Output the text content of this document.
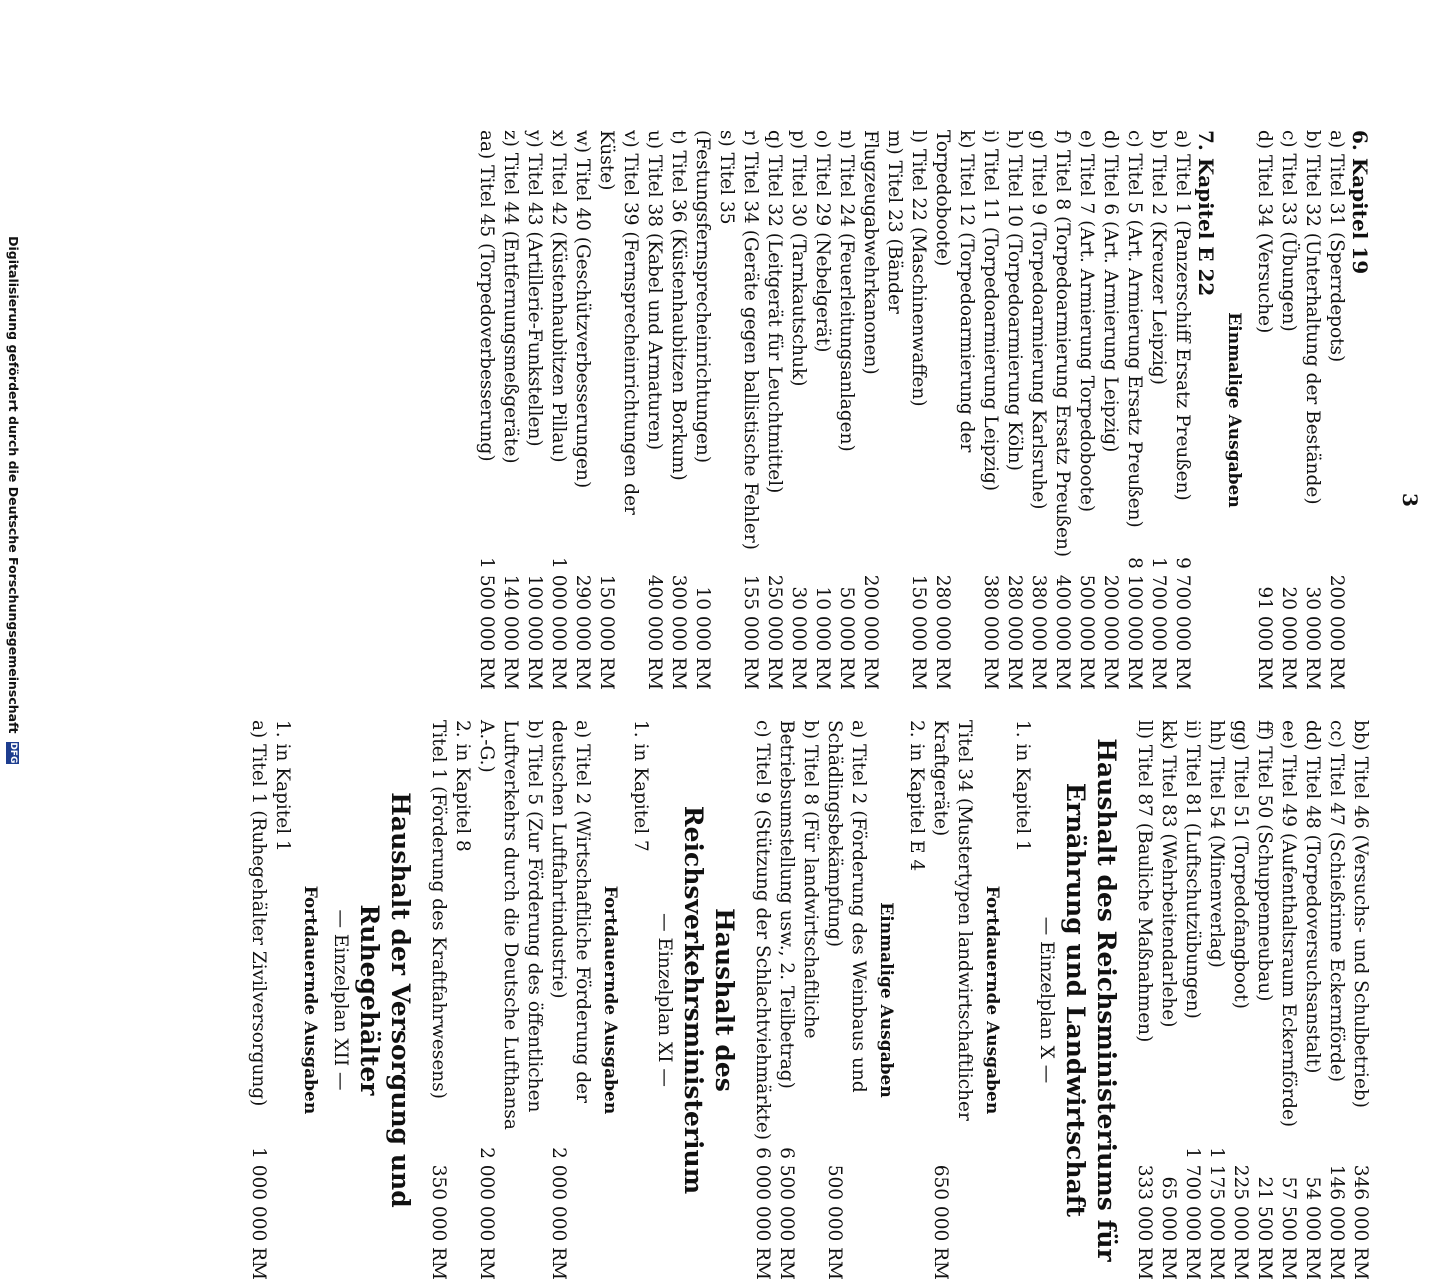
3
6. Kapitel 19
a) Titel 31 (Sperrdepots)
200 000 RM
b) Titel 32 (Unterhaltung der Bestände)
30 000 RM
c) Titel 33 (Übungen)
20 000 RM
d) Titel 34 (Versuche)
91 000 RM
Einmalige Ausgaben
7. Kapitel E 22
a) Titel 1 (Panzerschiff Ersatz Preußen)
9 700 000 RM
b) Titel 2 (Kreuzer Leipzig)
1 700 000 RM
c) Titel 5 (Art. Armierung Ersatz Preußen)
8 100 000 RM
d) Titel 6 (Art. Armierung Leipzig)
200 000 RM
e) Titel 7 (Art. Armierung Torpedoboote)
500 000 RM
f) Titel 8 (Torpedoarmierung Ersatz Preußen)
400 000 RM
g) Titel 9 (Torpedoarmierung Karlsruhe)
380 000 RM
h) Titel 10 (Torpedoarmierung Köln)
280 000 RM
i) Titel 11 (Torpedoarmierung Leipzig)
380 000 RM
k) Titel 12 (Torpedoarmierung der Torpedoboote)
280 000 RM
l) Titel 22 (Maschinenwaffen)
150 000 RM
m) Titel 23 (Bänder Flugzeugabwehrkanonen)
200 000 RM
n) Titel 24 (Feuerleitungsanlagen)
50 000 RM
o) Titel 29 (Nebelgerät)
10 000 RM
p) Titel 30 (Tarnkautschuk)
30 000 RM
q) Titel 32 (Leitgerät für Leuchtmittel)
250 000 RM
r) Titel 34 (Geräte gegen ballistische Fehler)
155 000 RM
s) Titel 35 (Festungsfernsprecheinrichtungen)
10 000 RM
t) Titel 36 (Küstenhaubitzen Borkum)
300 000 RM
u) Titel 38 (Kabel und Armaturen)
400 000 RM
v) Titel 39 (Fernsprecheinrichtungen der Küste)
150 000 RM
w) Titel 40 (Geschützverbesserungen)
290 000 RM
x) Titel 42 (Küstenhaubitzen Pillau)
1 000 000 RM
y) Titel 43 (Artillerie-Funkstellen)
100 000 RM
z) Titel 44 (Entfernungsmeßgeräte)
140 000 RM
aa) Titel 45 (Torpedoverbesserung)
1 500 000 RM
bb) Titel 46 (Versuchs- und Schulbetrieb)
346 000 RM
cc) Titel 47 (Schießrinne Eckernförde)
146 000 RM
dd) Titel 48 (Torpedoversuchsanstalt)
54 000 RM
ee) Titel 49 (Aufenthaltsraum Eckernförde)
57 500 RM
ff) Titel 50 (Schuppenneubau)
21 500 RM
gg) Titel 51 (Torpedofangboot)
225 000 RM
hh) Titel 54 (Minenverlag)
1 175 000 RM
ii) Titel 81 (Luftschutzübungen)
1 700 000 RM
kk) Titel 83 (Wehrbeitendarlehe)
65 000 RM
ll) Titel 87 (Bauliche Maßnahmen)
333 000 RM
Haushalt des Reichsministeriums für Ernährung und Landwirtschaft
— Einzelplan X —
1. in Kapitel 1
Fortdauernde Ausgaben
Titel 34 (Mustertypen landwirtschaftlicher Kraftgeräte)
650 000 RM
2. in Kapitel E 4
Einmalige Ausgaben
a) Titel 2 (Förderung des Weinbaus und Schädlingsbekämpfung)
500 000 RM
b) Titel 8 (Für landwirtschaftliche Betriebsumstellung usw., 2. Teilbetrag)
6 500 000 RM
c) Titel 9 (Stützung der Schlachtviehmärkte)
6 000 000 RM
Haushalt des Reichsverkehrsministerium
— Einzelplan XI —
1. in Kapitel 7
Fortdauernde Ausgaben
a) Titel 2 (Wirtschaftliche Förderung der deutschen Luftfahrtindustrie)
2 000 000 RM
b) Titel 5 (Zur Förderung des öffentlichen Luftverkehrs durch die Deutsche Lufthansa A.-G.)
2 000 000 RM
2. in Kapitel 8
Titel 1 (Förderung des Kraftfahrwesens)
350 000 RM
Haushalt der Versorgung und Ruhegehälter
— Einzelplan XII —
Fortdauernde Ausgaben
1. in Kapitel 1
a) Titel 1 (Ruhegehälter Zivilversorgung)
1 000 000 RM
Digitalisierung gefördert durch die Deutsche Forschungsgemeinschaft DFG
